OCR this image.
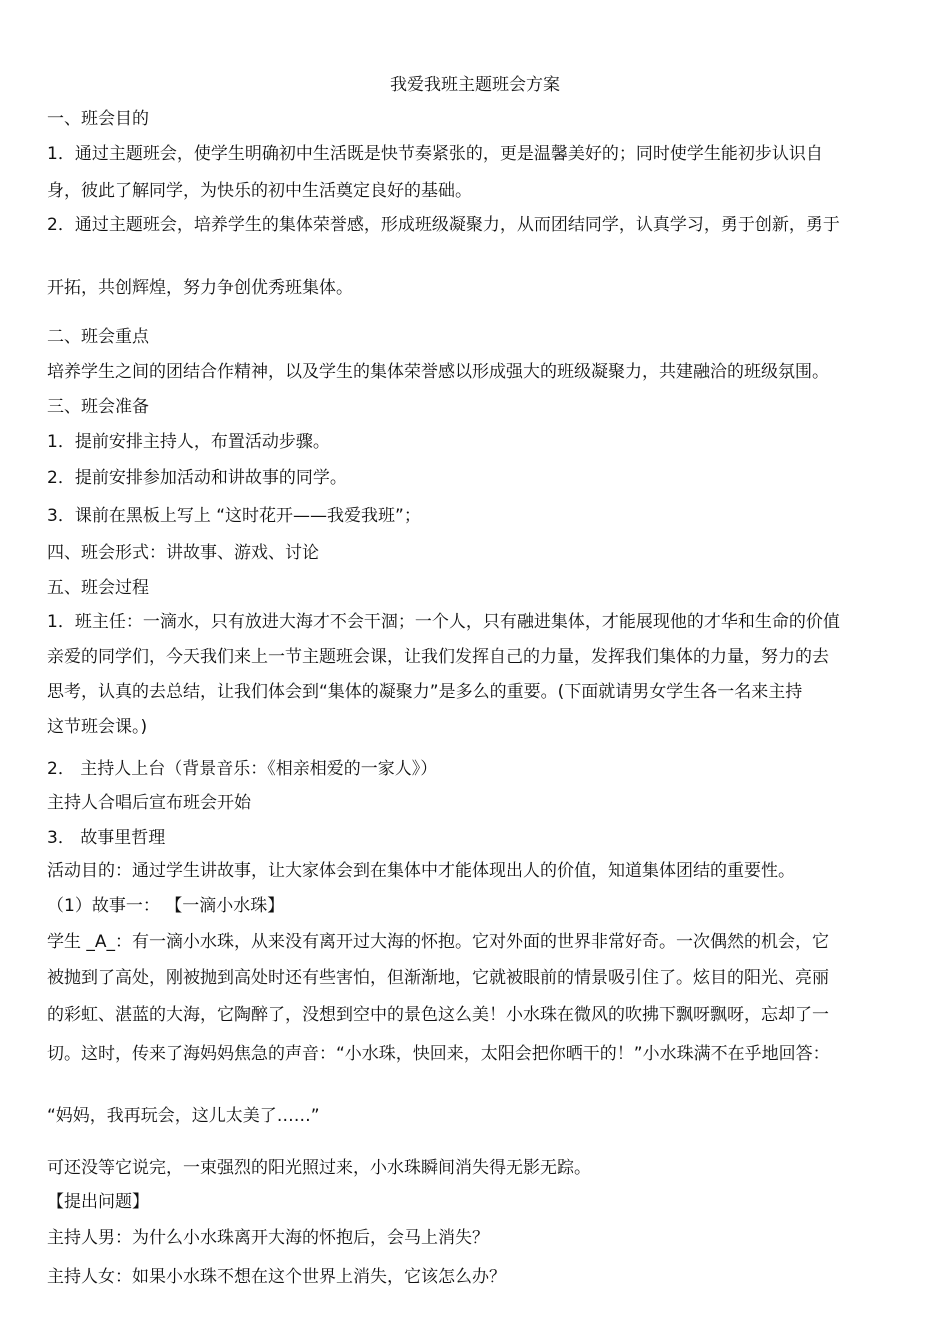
我爱我班主题班会方案
一、班会目的
1．通过主题班会，使学生明确初中生活既是快节奏紧张的，更是温馨美好的；同时使学生能初步认识自
身，彼此了解同学，为快乐的初中生活奠定良好的基础。
2．通过主题班会，培养学生的集体荣誉感，形成班级凝聚力，从而团结同学，认真学习，勇于创新，勇于
开拓，共创辉煌，努力争创优秀班集体。
二、班会重点
培养学生之间的团结合作精神，以及学生的集体荣誉感以形成强大的班级凝聚力，共建融洽的班级氛围。
三、班会准备
1．提前安排主持人，布置活动步骤。
2．提前安排参加活动和讲故事的同学。
3．课前在黑板上写上 “这时花开——我爱我班”；
四、班会形式：讲故事、游戏、讨论
五、班会过程
1．班主任：一滴水，只有放进大海才不会干涸；一个人，只有融进集体，才能展现他的才华和生命的价值
亲爱的同学们，今天我们来上一节主题班会课，让我们发挥自己的力量，发挥我们集体的力量，努力的去
思考，认真的去总结，让我们体会到“集体的凝聚力”是多么的重要。(下面就请男女学生各一名来主持
这节班会课。)
2． 主持人上台（背景音乐：《相亲相爱的一家人》）
主持人合唱后宣布班会开始
3． 故事里哲理
活动目的：通过学生讲故事，让大家体会到在集体中才能体现出人的价值，知道集体团结的重要性。
（1）故事一： 【一滴小水珠】
学生 _A_：有一滴小水珠，从来没有离开过大海的怀抱。它对外面的世界非常好奇。一次偶然的机会，它
被抛到了高处，刚被抛到高处时还有些害怕，但渐渐地，它就被眼前的情景吸引住了。炫目的阳光、亮丽
的彩虹、湛蓝的大海，它陶醉了，没想到空中的景色这么美！小水珠在微风的吹拂下飘呀飘呀，忘却了一
切。这时，传来了海妈妈焦急的声音：“小水珠，快回来，太阳会把你晒干的！”小水珠满不在乎地回答：
“妈妈，我再玩会，这儿太美了……”
可还没等它说完，一束强烈的阳光照过来，小水珠瞬间消失得无影无踪。
【提出问题】
主持人男：为什么小水珠离开大海的怀抱后，会马上消失？
主持人女：如果小水珠不想在这个世界上消失，它该怎么办？
